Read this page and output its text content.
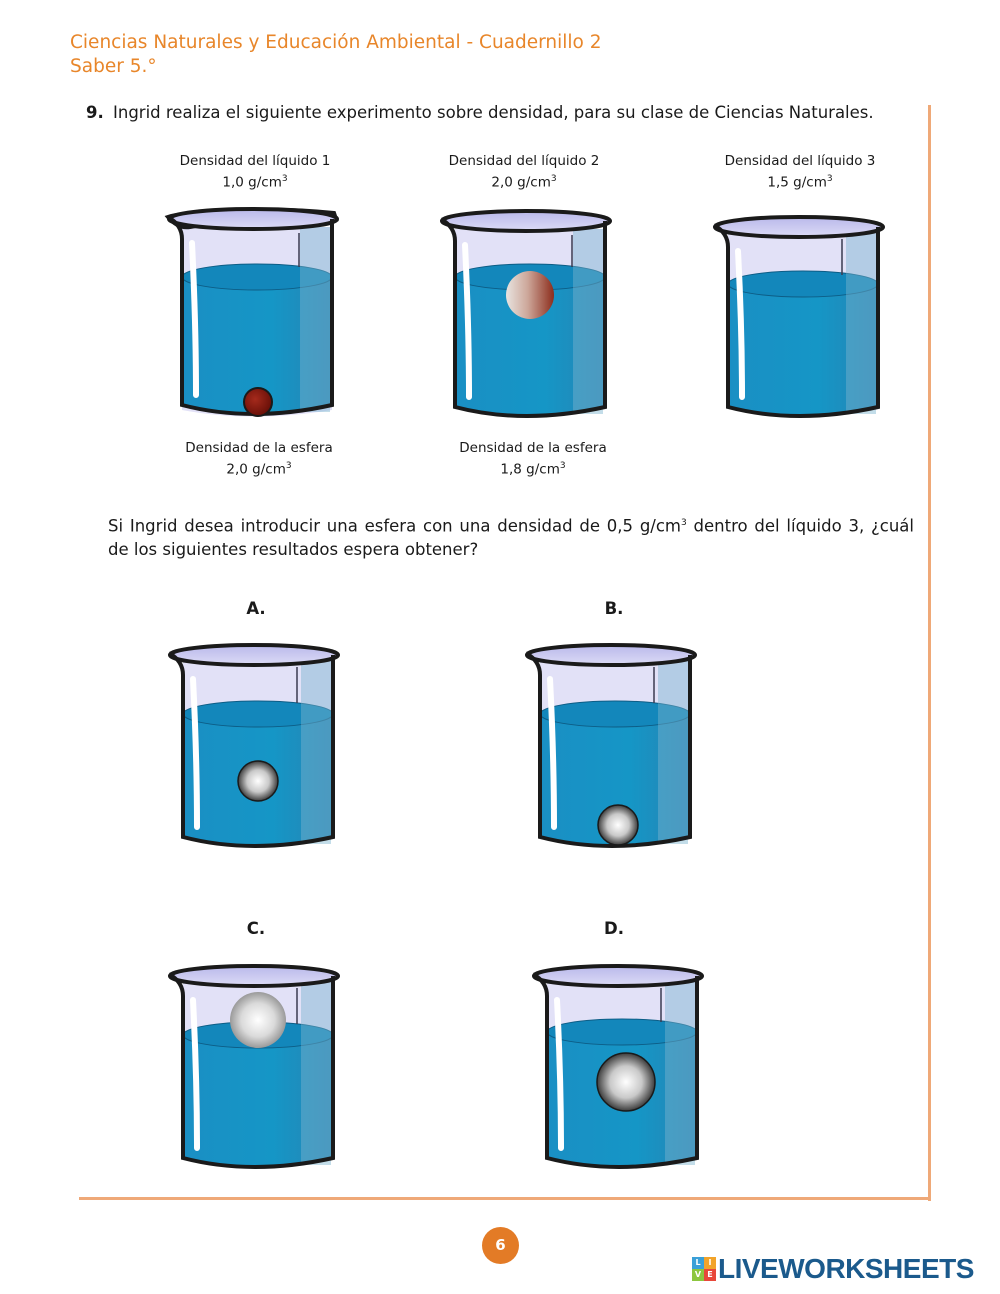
Ciencias Naturales y Educación Ambiental - Cuadernillo 2
Saber 5.°
9. Ingrid realiza el siguiente experimento sobre densidad, para su clase de Ciencias Naturales.
Densidad del líquido 1
1,0 $g/cm^3$
Densidad del líquido 2
2,0 $g/cm^3$
Densidad del líquido 3
1,5 $g/cm^3$
Densidad de la esfera
2,0 $g/cm^3$
Densidad de la esfera
1,8 $g/cm^3$
Si Ingrid desea introducir una esfera con una densidad de 0,5 $g/cm^3$ dentro del líquido 3, ¿cuál de los siguientes resultados espera obtener?
A.	B.
C.	D.
6
L I
V E LIVEWORKSHEETS
